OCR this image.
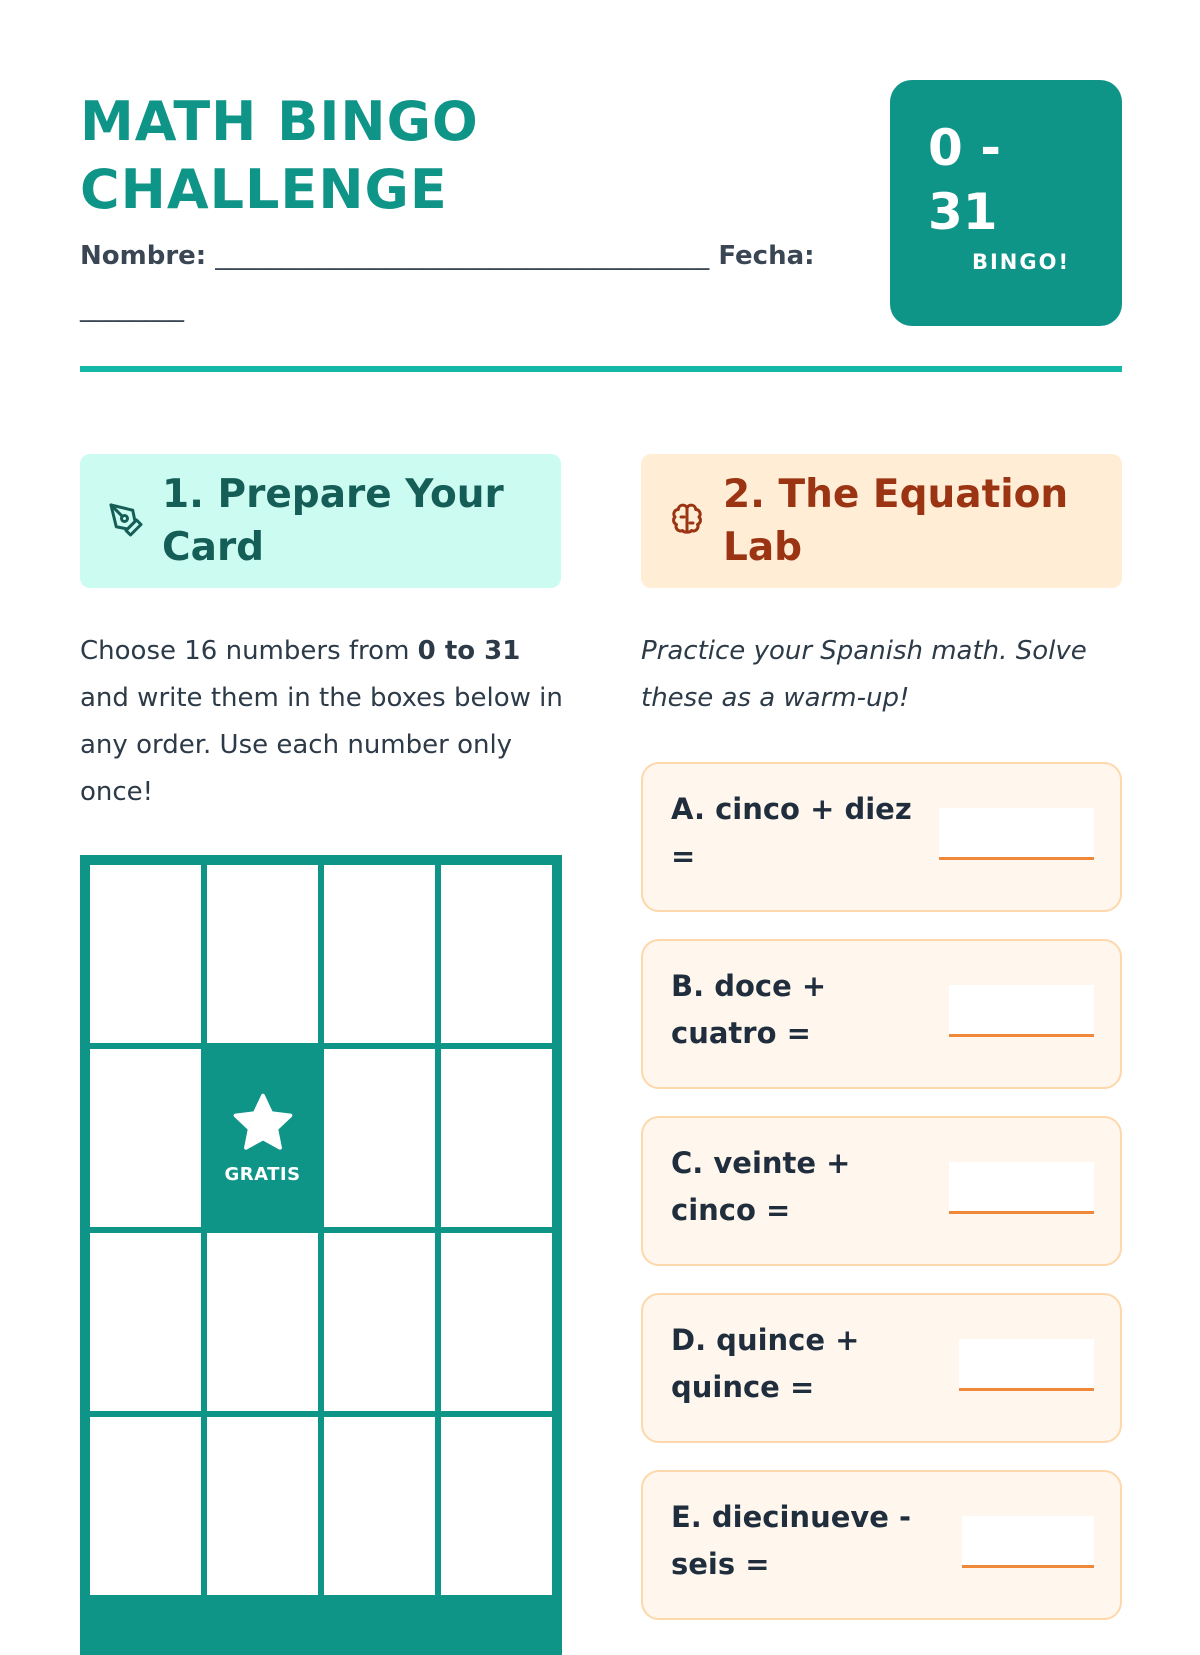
MATH BINGO
CHALLENGE
Nombre: ______________________________________ Fecha: ________
0 - 31
BINGO!
1. Prepare Your Card
2. The Equation Lab
Choose 16 numbers from 0 to 31 and write them in the boxes below in any order. Use each number only once!
Practice your Spanish math. Solve these as a warm-up!
GRATIS
A. cinco + diez =
B. doce + cuatro =
C. veinte + cinco =
D. quince + quince =
E. diecinueve - seis =
